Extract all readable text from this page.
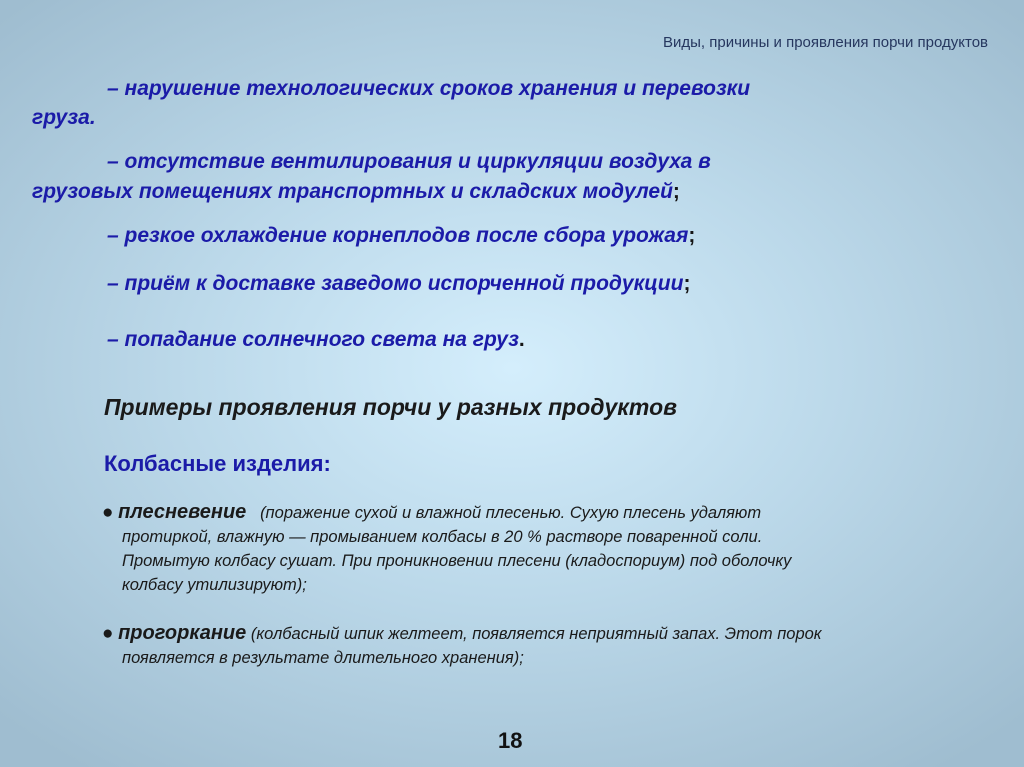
Виды, причины и проявления порчи продуктов

– нарушение технологических сроков хранения и перевозки

груза.

– отсутствие вентилирования и циркуляции воздуха в

грузовых помещениях транспортных и складских модулей;

– резкое охлаждение корнеплодов после сбора урожая;

– приём к доставке заведомо испорченной продукции;

– попадание солнечного света на груз.

Примеры проявления порчи у разных продуктов
Колбасные изделия:
● плесневение (поражение сухой и влажной плесенью. Сухую плесень удаляют
протиркой, влажную — промыванием колбасы в 20 % растворе поваренной соли.
Промытую колбасу сушат. При проникновении плесени (кладоспориум) под оболочку
колбасу утилизируют);
● прогоркание (колбасный шпик желтеет, появляется неприятный запах. Этот порок
появляется в результате длительного хранения);
18
